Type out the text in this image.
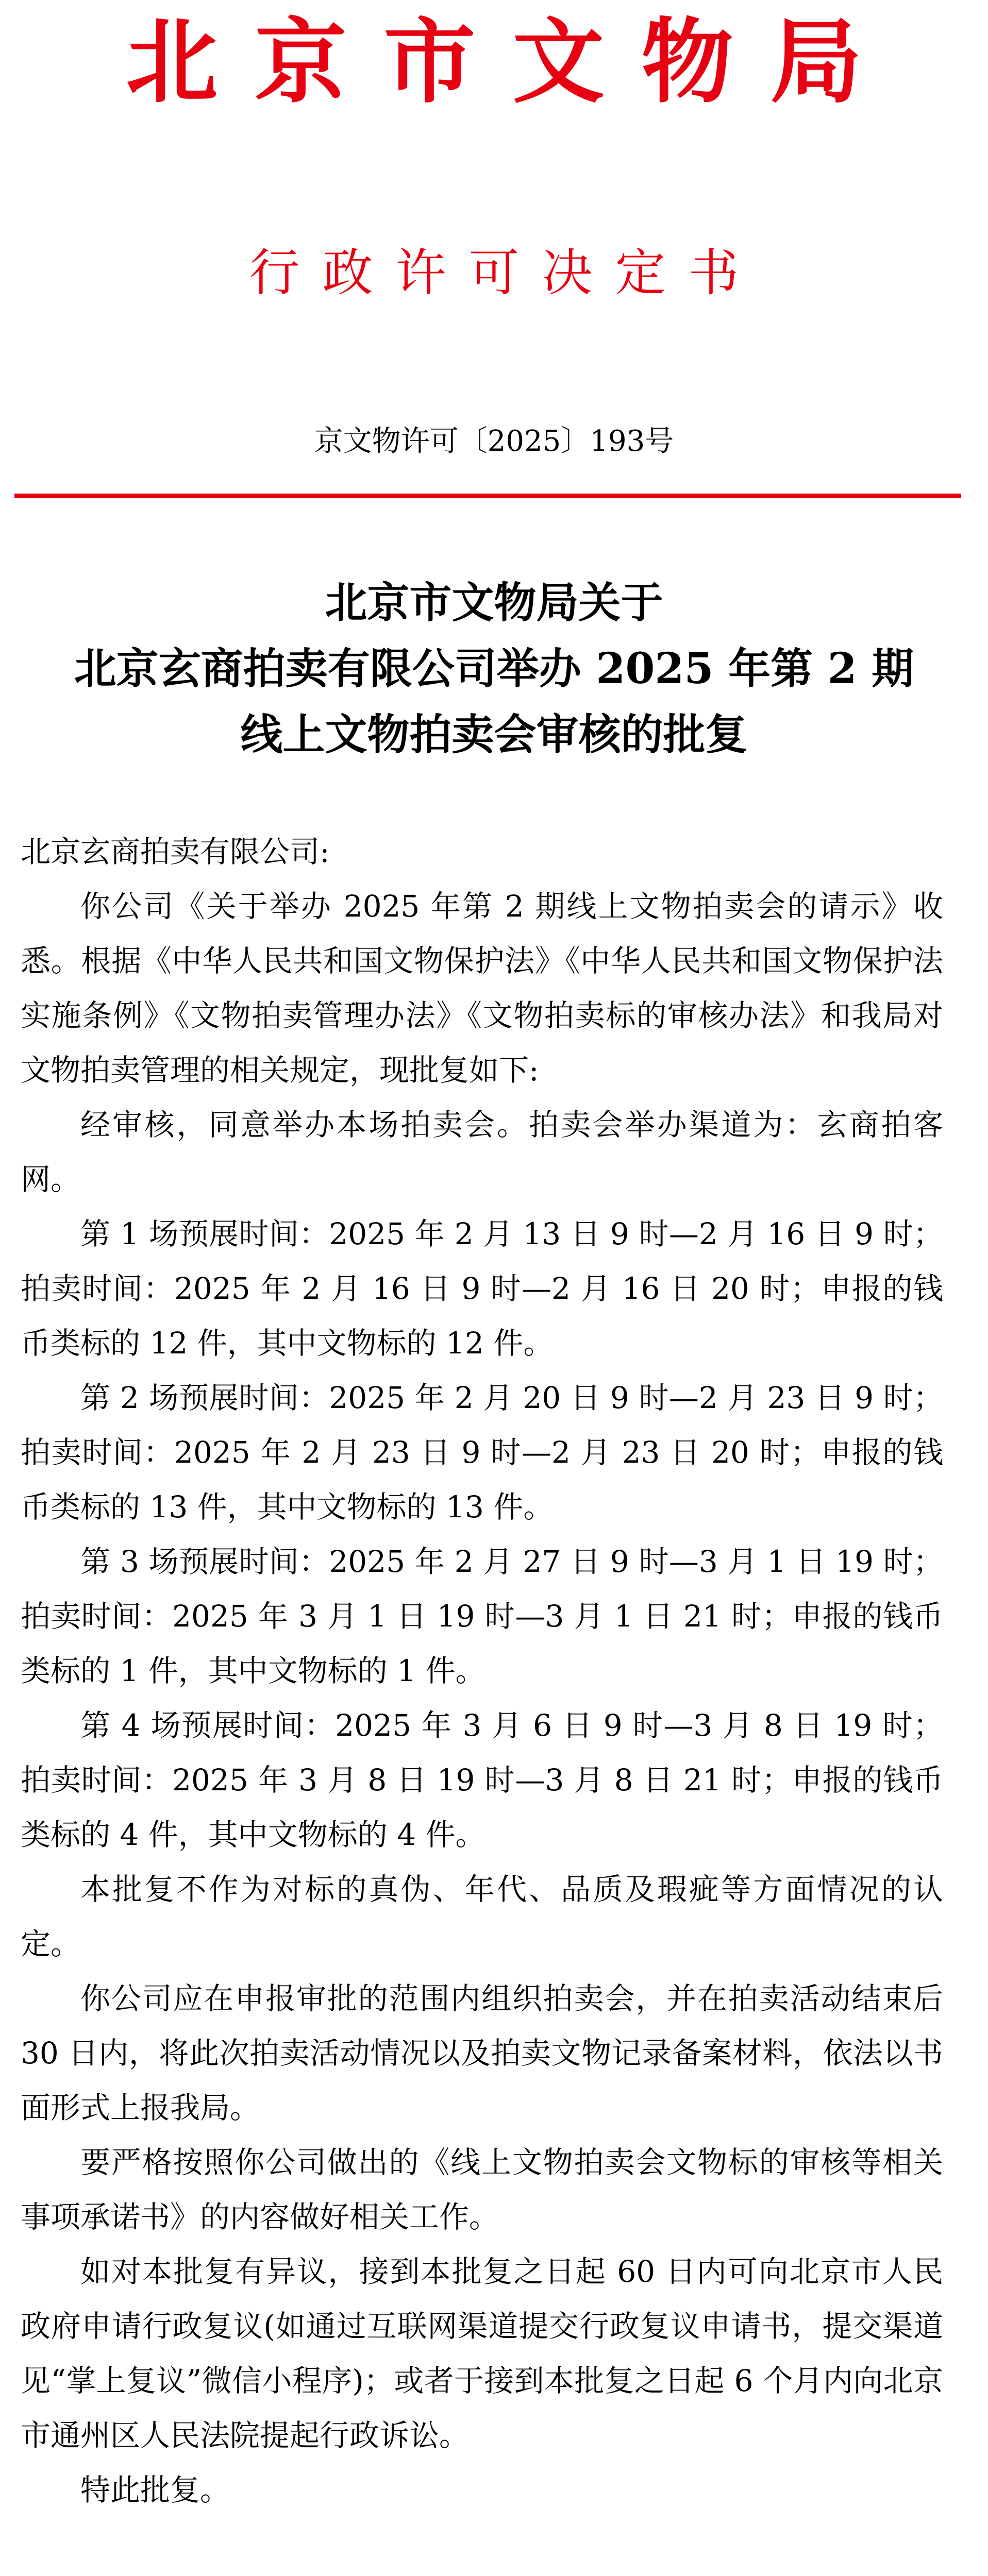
北京市文物局
行政许可决定书
京文物许可〔2025〕193号
北京市文物局关于
北京玄商拍卖有限公司举办 2025 年第 2 期
线上文物拍卖会审核的批复

北京玄商拍卖有限公司:

你公司《关于举办 2025 年第 2 期线上文物拍卖会的请示》收悉。根据《中华人民共和国文物保护法》《中华人民共和国文物保护法实施条例》《文物拍卖管理办法》《文物拍卖标的审核办法》和我局对文物拍卖管理的相关规定，现批复如下:

经审核，同意举办本场拍卖会。拍卖会举办渠道为：玄商拍客网。

第 1 场预展时间：2025 年 2 月 13 日 9 时—2 月 16 日 9 时；拍卖时间：2025 年 2 月 16 日 9 时—2 月 16 日 20 时；申报的钱币类标的 12 件，其中文物标的 12 件。

第 2 场预展时间：2025 年 2 月 20 日 9 时—2 月 23 日 9 时；拍卖时间：2025 年 2 月 23 日 9 时—2 月 23 日 20 时；申报的钱币类标的 13 件，其中文物标的 13 件。

第 3 场预展时间：2025 年 2 月 27 日 9 时—3 月 1 日 19 时；拍卖时间：2025 年 3 月 1 日 19 时—3 月 1 日 21 时；申报的钱币类标的 1 件，其中文物标的 1 件。

第 4 场预展时间：2025 年 3 月 6 日 9 时—3 月 8 日 19 时；拍卖时间：2025 年 3 月 8 日 19 时—3 月 8 日 21 时；申报的钱币类标的 4 件，其中文物标的 4 件。

本批复不作为对标的真伪、年代、品质及瑕疵等方面情况的认定。

你公司应在申报审批的范围内组织拍卖会，并在拍卖活动结束后 30 日内，将此次拍卖活动情况以及拍卖文物记录备案材料，依法以书面形式上报我局。

要严格按照你公司做出的《线上文物拍卖会文物标的审核等相关事项承诺书》的内容做好相关工作。

如对本批复有异议，接到本批复之日起 60 日内可向北京市人民政府申请行政复议(如通过互联网渠道提交行政复议申请书，提交渠道见“掌上复议”微信小程序)；或者于接到本批复之日起 6 个月内向北京市通州区人民法院提起行政诉讼。

特此批复。
